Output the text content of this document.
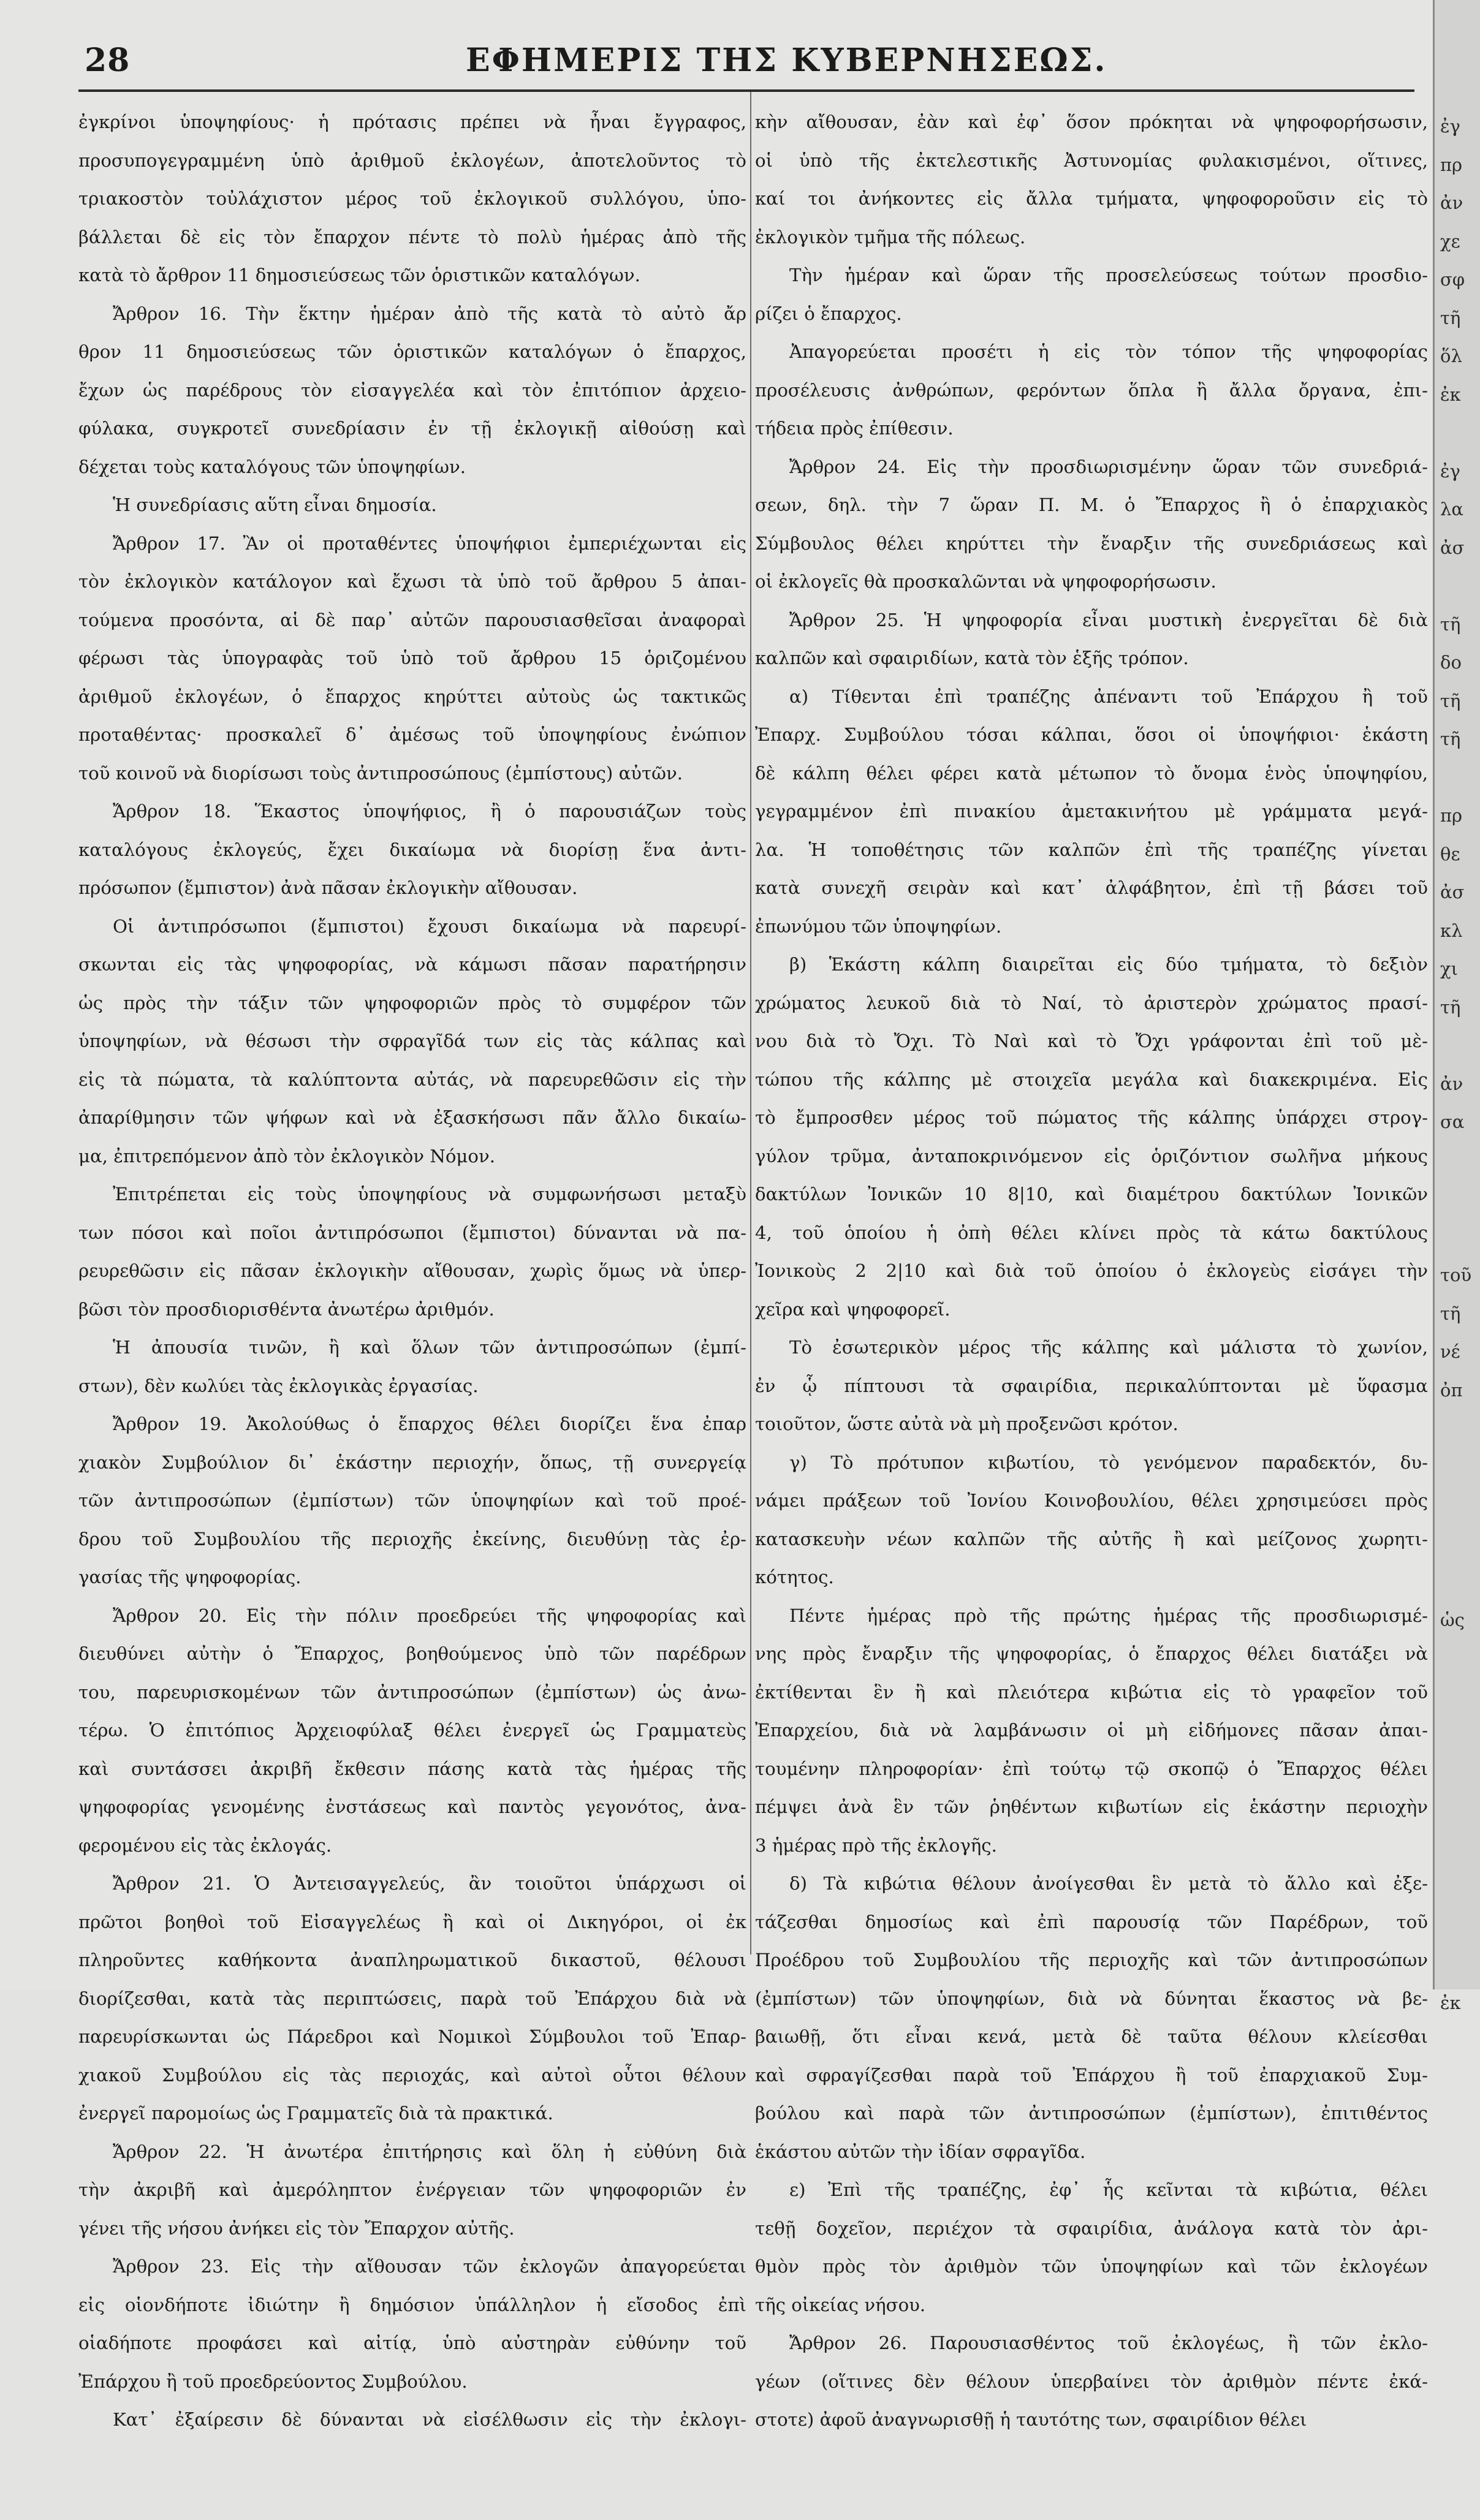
28	ΕΦΗΜΕΡΙΣ ΤΗΣ ΚΥΒΕΡΝΗΣΕΩΣ.

ἐγκρίνοι ὑποψηφίους· ἡ πρότασις πρέπει νὰ ἦναι ἔγγραφος,

προσυπογεγραμμένη ὑπὸ ἀριθμοῦ ἐκλογέων, ἀποτελοῦντος τὸ

τριακοστὸν τοὐλάχιστον μέρος τοῦ ἐκλογικοῦ συλλόγου, ὑπο-

βάλλεται δὲ εἰς τὸν ἔπαρχον πέντε τὸ πολὺ ἡμέρας ἀπὸ τῆς

κατὰ τὸ ἄρθρον 11 δημοσιεύσεως τῶν ὁριστικῶν καταλόγων.

Ἄρθρον 16. Τὴν ἕκτην ἡμέραν ἀπὸ τῆς κατὰ τὸ αὐτὸ ἄρ

θρον 11 δημοσιεύσεως τῶν ὁριστικῶν καταλόγων ὁ ἔπαρχος,

ἔχων ὡς παρέδρους τὸν εἰσαγγελέα καὶ τὸν ἐπιτόπιον ἀρχειο-

φύλακα, συγκροτεῖ συνεδρίασιν ἐν τῇ ἐκλογικῇ αἰθούσῃ καὶ

δέχεται τοὺς καταλόγους τῶν ὑποψηφίων.

Ἡ συνεδρίασις αὕτη εἶναι δημοσία.

Ἄρθρον 17. Ἂν οἱ προταθέντες ὑποψήφιοι ἐμπεριέχωνται εἰς

τὸν ἐκλογικὸν κατάλογον καὶ ἔχωσι τὰ ὑπὸ τοῦ ἄρθρου 5 ἀπαι-

τούμενα προσόντα, αἱ δὲ παρ᾽ αὐτῶν παρουσιασθεῖσαι ἀναφοραὶ

φέρωσι τὰς ὑπογραφὰς τοῦ ὑπὸ τοῦ ἄρθρου 15 ὁριζομένου

ἀριθμοῦ ἐκλογέων, ὁ ἔπαρχος κηρύττει αὐτοὺς ὡς τακτικῶς

προταθέντας· προσκαλεῖ δ᾽ ἀμέσως τοῦ ὑποψηφίους ἐνώπιον

τοῦ κοινοῦ νὰ διορίσωσι τοὺς ἀντιπροσώπους (ἐμπίστους) αὐτῶν.

Ἄρθρον 18. Ἕκαστος ὑποψήφιος, ἢ ὁ παρουσιάζων τοὺς

καταλόγους ἐκλογεύς, ἔχει δικαίωμα νὰ διορίσῃ ἕνα ἀντι-

πρόσωπον (ἔμπιστον) ἀνὰ πᾶσαν ἐκλογικὴν αἴθουσαν.

Οἱ ἀντιπρόσωποι (ἔμπιστοι) ἔχουσι δικαίωμα νὰ παρευρί-

σκωνται εἰς τὰς ψηφοφορίας, νὰ κάμωσι πᾶσαν παρατήρησιν

ὡς πρὸς τὴν τάξιν τῶν ψηφοφοριῶν πρὸς τὸ συμφέρον τῶν

ὑποψηφίων, νὰ θέσωσι τὴν σφραγῖδά των εἰς τὰς κάλπας καὶ

εἰς τὰ πώματα, τὰ καλύπτοντα αὐτάς, νὰ παρευρεθῶσιν εἰς τὴν

ἀπαρίθμησιν τῶν ψήφων καὶ νὰ ἐξασκήσωσι πᾶν ἄλλο δικαίω-

μα, ἐπιτρεπόμενον ἀπὸ τὸν ἐκλογικὸν Νόμον.

Ἐπιτρέπεται εἰς τοὺς ὑποψηφίους νὰ συμφωνήσωσι μεταξὺ

των πόσοι καὶ ποῖοι ἀντιπρόσωποι (ἔμπιστοι) δύνανται νὰ πα-

ρευρεθῶσιν εἰς πᾶσαν ἐκλογικὴν αἴθουσαν, χωρὶς ὅμως νὰ ὑπερ-

βῶσι τὸν προσδιορισθέντα ἀνωτέρω ἀριθμόν.

Ἡ ἀπουσία τινῶν, ἢ καὶ ὅλων τῶν ἀντιπροσώπων (ἐμπί-

στων), δὲν κωλύει τὰς ἐκλογικὰς ἐργασίας.

Ἄρθρον 19. Ἀκολούθως ὁ ἔπαρχος θέλει διορίζει ἕνα ἐπαρ

χιακὸν Συμβούλιον δι᾽ ἑκάστην περιοχήν, ὅπως, τῇ συνεργείᾳ

τῶν ἀντιπροσώπων (ἐμπίστων) τῶν ὑποψηφίων καὶ τοῦ προέ-

δρου τοῦ Συμβουλίου τῆς περιοχῆς ἐκείνης, διευθύνῃ τὰς ἐρ-

γασίας τῆς ψηφοφορίας.

Ἄρθρον 20. Εἰς τὴν πόλιν προεδρεύει τῆς ψηφοφορίας καὶ

διευθύνει αὐτὴν ὁ Ἔπαρχος, βοηθούμενος ὑπὸ τῶν παρέδρων

του, παρευρισκομένων τῶν ἀντιπροσώπων (ἐμπίστων) ὡς ἀνω-

τέρω. Ὁ ἐπιτόπιος Ἀρχειοφύλαξ θέλει ἐνεργεῖ ὡς Γραμματεὺς

καὶ συντάσσει ἀκριβῆ ἔκθεσιν πάσης κατὰ τὰς ἡμέρας τῆς

ψηφοφορίας γενομένης ἐνστάσεως καὶ παντὸς γεγονότος, ἀνα-

φερομένου εἰς τὰς ἐκλογάς.

Ἄρθρον 21. Ὁ Ἀντεισαγγελεύς, ἂν τοιοῦτοι ὑπάρχωσι οἱ

πρῶτοι βοηθοὶ τοῦ Εἰσαγγελέως ἢ καὶ οἱ Δικηγόροι, οἱ ἐκ

πληροῦντες καθήκοντα ἀναπληρωματικοῦ δικαστοῦ, θέλουσι

διορίζεσθαι, κατὰ τὰς περιπτώσεις, παρὰ τοῦ Ἐπάρχου διὰ νὰ

παρευρίσκωνται ὡς Πάρεδροι καὶ Νομικοὶ Σύμβουλοι τοῦ Ἐπαρ-

χιακοῦ Συμβούλου εἰς τὰς περιοχάς, καὶ αὐτοὶ οὗτοι θέλουν

ἐνεργεῖ παρομοίως ὡς Γραμματεῖς διὰ τὰ πρακτικά.

Ἄρθρον 22. Ἡ ἀνωτέρα ἐπιτήρησις καὶ ὅλη ἡ εὐθύνη διὰ

τὴν ἀκριβῆ καὶ ἀμερόληπτον ἐνέργειαν τῶν ψηφοφοριῶν ἐν

γένει τῆς νήσου ἀνήκει εἰς τὸν Ἔπαρχον αὐτῆς.

Ἄρθρον 23. Εἰς τὴν αἴθουσαν τῶν ἐκλογῶν ἀπαγορεύεται

εἰς οἱονδήποτε ἰδιώτην ἢ δημόσιον ὑπάλληλον ἡ εἴσοδος ἐπὶ

οἱαδήποτε προφάσει καὶ αἰτίᾳ, ὑπὸ αὐστηρὰν εὐθύνην τοῦ

Ἐπάρχου ἢ τοῦ προεδρεύοντος Συμβούλου.

Κατ᾽ ἐξαίρεσιν δὲ δύνανται νὰ εἰσέλθωσιν εἰς τὴν ἐκλογι-

κὴν αἴθουσαν, ἐὰν καὶ ἐφ᾽ ὅσον πρόκηται νὰ ψηφοφορήσωσιν,

οἱ ὑπὸ τῆς ἐκτελεστικῆς Ἀστυνομίας φυλακισμένοι, οἵτινες,

καί τοι ἀνήκοντες εἰς ἄλλα τμήματα, ψηφοφοροῦσιν εἰς τὸ

ἐκλογικὸν τμῆμα τῆς πόλεως.

Τὴν ἡμέραν καὶ ὥραν τῆς προσελεύσεως τούτων προσδιο-

ρίζει ὁ ἔπαρχος.

Ἀπαγορεύεται προσέτι ἡ εἰς τὸν τόπον τῆς ψηφοφορίας

προσέλευσις ἀνθρώπων, φερόντων ὅπλα ἢ ἄλλα ὄργανα, ἐπι-

τήδεια πρὸς ἐπίθεσιν.

Ἄρθρον 24. Εἰς τὴν προσδιωρισμένην ὥραν τῶν συνεδριά-

σεων, δηλ. τὴν 7 ὥραν Π. Μ. ὁ Ἔπαρχος ἢ ὁ ἐπαρχιακὸς

Σύμβουλος θέλει κηρύττει τὴν ἔναρξιν τῆς συνεδριάσεως καὶ

οἱ ἐκλογεῖς θὰ προσκαλῶνται νὰ ψηφοφορήσωσιν.

Ἄρθρον 25. Ἡ ψηφοφορία εἶναι μυστικὴ ἐνεργεῖται δὲ διὰ

καλπῶν καὶ σφαιριδίων, κατὰ τὸν ἑξῆς τρόπον.

α) Τίθενται ἐπὶ τραπέζης ἀπέναντι τοῦ Ἐπάρχου ἢ τοῦ

Ἐπαρχ. Συμβούλου τόσαι κάλπαι, ὅσοι οἱ ὑποψήφιοι· ἑκάστη

δὲ κάλπη θέλει φέρει κατὰ μέτωπον τὸ ὄνομα ἑνὸς ὑποψηφίου,

γεγραμμένον ἐπὶ πινακίου ἀμετακινήτου μὲ γράμματα μεγά-

λα. Ἡ τοποθέτησις τῶν καλπῶν ἐπὶ τῆς τραπέζης γίνεται

κατὰ συνεχῆ σειρὰν καὶ κατ᾽ ἀλφάβητον, ἐπὶ τῇ βάσει τοῦ

ἐπωνύμου τῶν ὑποψηφίων.

β) Ἑκάστη κάλπη διαιρεῖται εἰς δύο τμήματα, τὸ δεξιὸν

χρώματος λευκοῦ διὰ τὸ Ναί, τὸ ἀριστερὸν χρώματος πρασί-

νου διὰ τὸ Ὄχι. Τὸ Ναὶ καὶ τὸ Ὄχι γράφονται ἐπὶ τοῦ μὲ-

τώπου τῆς κάλπης μὲ στοιχεῖα μεγάλα καὶ διακεκριμένα. Εἰς

τὸ ἔμπροσθεν μέρος τοῦ πώματος τῆς κάλπης ὑπάρχει στρογ-

γύλον τρῦμα, ἀνταποκρινόμενον εἰς ὁριζόντιον σωλῆνα μήκους

δακτύλων Ἰονικῶν 10 8|10, καὶ διαμέτρου δακτύλων Ἰονικῶν

4, τοῦ ὁποίου ἡ ὀπὴ θέλει κλίνει πρὸς τὰ κάτω δακτύλους

Ἰονικοὺς 2 2|10 καὶ διὰ τοῦ ὁποίου ὁ ἐκλογεὺς εἰσάγει τὴν

χεῖρα καὶ ψηφοφορεῖ.

Τὸ ἐσωτερικὸν μέρος τῆς κάλπης καὶ μάλιστα τὸ χωνίον,

ἐν ᾧ πίπτουσι τὰ σφαιρίδια, περικαλύπτονται μὲ ὕφασμα

τοιοῦτον, ὥστε αὐτὰ νὰ μὴ προξενῶσι κρότον.

γ) Τὸ πρότυπον κιβωτίου, τὸ γενόμενον παραδεκτόν, δυ-

νάμει πράξεων τοῦ Ἰονίου Κοινοβουλίου, θέλει χρησιμεύσει πρὸς

κατασκευὴν νέων καλπῶν τῆς αὐτῆς ἢ καὶ μείζονος χωρητι-

κότητος.

Πέντε ἡμέρας πρὸ τῆς πρώτης ἡμέρας τῆς προσδιωρισμέ-

νης πρὸς ἔναρξιν τῆς ψηφοφορίας, ὁ ἔπαρχος θέλει διατάξει νὰ

ἐκτίθενται ἓν ἢ καὶ πλειότερα κιβώτια εἰς τὸ γραφεῖον τοῦ

Ἐπαρχείου, διὰ νὰ λαμβάνωσιν οἱ μὴ εἰδήμονες πᾶσαν ἀπαι-

τουμένην πληροφορίαν· ἐπὶ τούτῳ τῷ σκοπῷ ὁ Ἔπαρχος θέλει

πέμψει ἀνὰ ἓν τῶν ῥηθέντων κιβωτίων εἰς ἑκάστην περιοχὴν

3 ἡμέρας πρὸ τῆς ἐκλογῆς.

δ) Τὰ κιβώτια θέλουν ἀνοίγεσθαι ἓν μετὰ τὸ ἄλλο καὶ ἐξε-

τάζεσθαι δημοσίως καὶ ἐπὶ παρουσίᾳ τῶν Παρέδρων, τοῦ

Προέδρου τοῦ Συμβουλίου τῆς περιοχῆς καὶ τῶν ἀντιπροσώπων

(ἐμπίστων) τῶν ὑποψηφίων, διὰ νὰ δύνηται ἕκαστος νὰ βε-

βαιωθῇ, ὅτι εἶναι κενά, μετὰ δὲ ταῦτα θέλουν κλείεσθαι

καὶ σφραγίζεσθαι παρὰ τοῦ Ἐπάρχου ἢ τοῦ ἐπαρχιακοῦ Συμ-

βούλου καὶ παρὰ τῶν ἀντιπροσώπων (ἐμπίστων), ἐπιτιθέντος

ἑκάστου αὐτῶν τὴν ἰδίαν σφραγῖδα.

ε) Ἐπὶ τῆς τραπέζης, ἐφ᾽ ἧς κεῖνται τὰ κιβώτια, θέλει

τεθῇ δοχεῖον, περιέχον τὰ σφαιρίδια, ἀνάλογα κατὰ τὸν ἀρι-

θμὸν πρὸς τὸν ἀριθμὸν τῶν ὑποψηφίων καὶ τῶν ἐκλογέων

τῆς οἰκείας νήσου.

Ἄρθρον 26. Παρουσιασθέντος τοῦ ἐκλογέως, ἢ τῶν ἐκλο-

γέων (οἵτινες δὲν θέλουν ὑπερβαίνει τὸν ἀριθμὸν πέντε ἐκά-

στοτε) ἀφοῦ ἀναγνωρισθῇ ἡ ταυτότης των, σφαιρίδιον θέλει

ἐγ
πρ
ἀν
χε
σφ
τῆ
ὅλ
ἐκ
ἐγ
λα
ἀσ
τῆ
δο
τῆ
τῆ
πρ
θε
ἀσ
κλ
χι
τῆ
ἀν
σα
τοῦ
τῆ
νέ
ὀπ
ὡς
ἐκ
